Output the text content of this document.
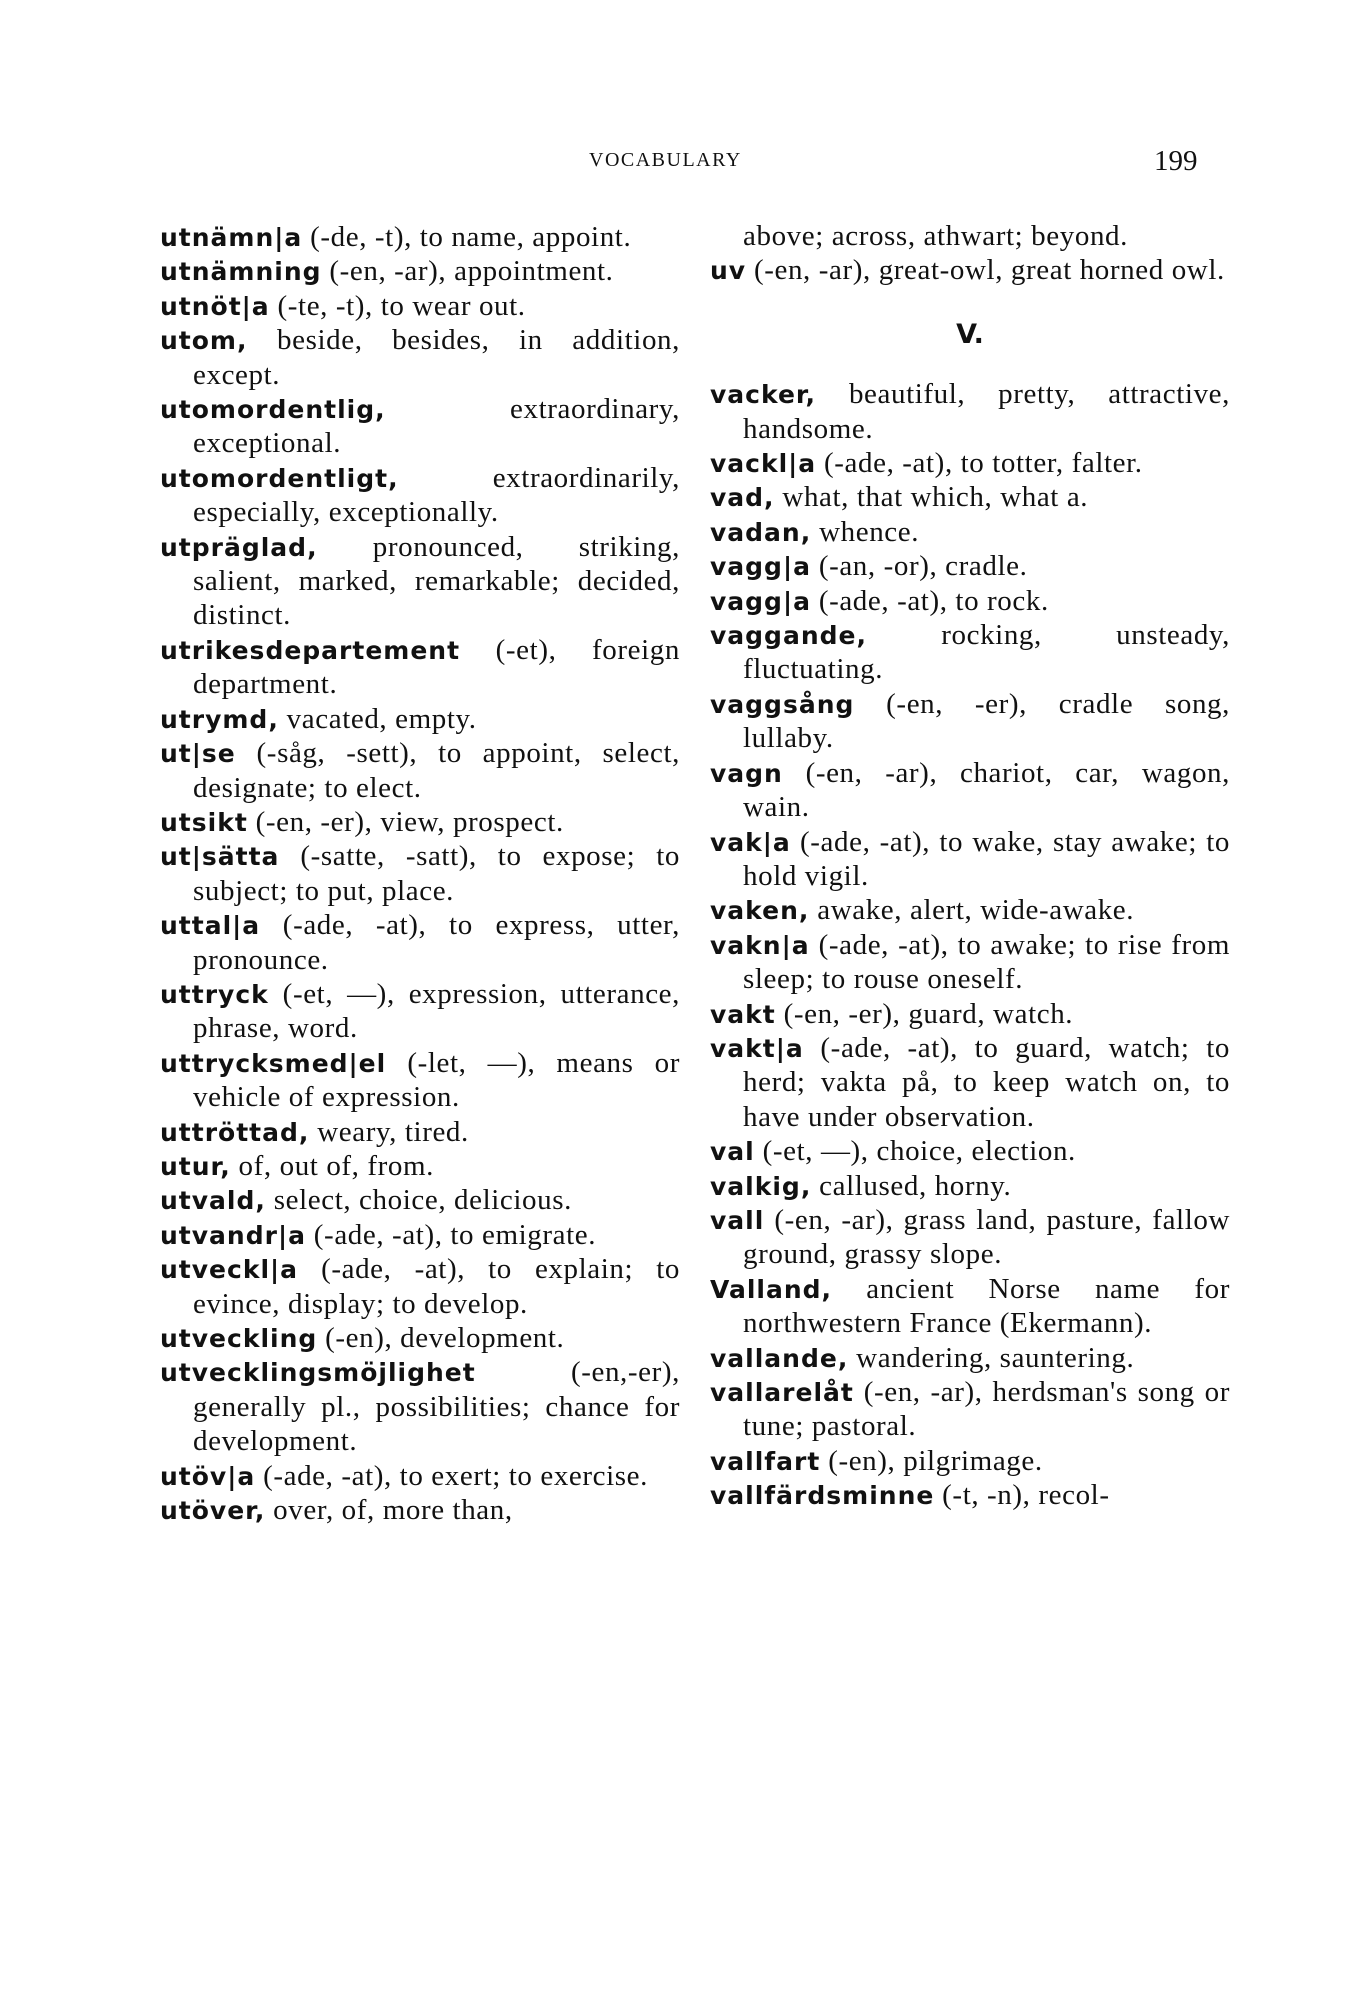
VOCABULARY	199

utnämn|a (-de, -t), to name, appoint.

utnämning (-en, -ar), appointment.

utnöt|a (-te, -t), to wear out.

utom, beside, besides, in addition, except.

utomordentlig, extraordinary, exceptional.

utomordentligt, extraordinarily, especially, exceptionally.

utpräglad, pronounced, striking, salient, marked, remarkable; decided, distinct.

utrikesdepartement (-et), foreign department.

utrymd, vacated, empty.

ut|se (-såg, -sett), to appoint, select, designate; to elect.

utsikt (-en, -er), view, prospect.

ut|sätta (-satte, -satt), to expose; to subject; to put, place.

uttal|a (-ade, -at), to express, utter, pronounce.

uttryck (-et, —), expression, utterance, phrase, word.

uttrycksmed|el (-let, —), means or vehicle of expression.

uttröttad, weary, tired.

utur, of, out of, from.

utvald, select, choice, delicious.

utvandr|a (-ade, -at), to emigrate.

utveckl|a (-ade, -at), to explain; to evince, display; to develop.

utveckling (-en), development.

utvecklingsmöjlighet (-en,-er), generally pl., possibilities; chance for development.

utöv|a (-ade, -at), to exert; to exercise.

utöver, over, of, more than,

above; across, athwart; beyond.

uv (-en, -ar), great-owl, great horned owl.

V.

vacker, beautiful, pretty, attractive, handsome.

vackl|a (-ade, -at), to totter, falter.

vad, what, that which, what a.

vadan, whence.

vagg|a (-an, -or), cradle.

vagg|a (-ade, -at), to rock.

vaggande, rocking, unsteady, fluctuating.

vaggsång (-en, -er), cradle song, lullaby.

vagn (-en, -ar), chariot, car, wagon, wain.

vak|a (-ade, -at), to wake, stay awake; to hold vigil.

vaken, awake, alert, wide-awake.

vakn|a (-ade, -at), to awake; to rise from sleep; to rouse oneself.

vakt (-en, -er), guard, watch.

vakt|a (-ade, -at), to guard, watch; to herd; vakta på, to keep watch on, to have under observation.

val (-et, —), choice, election.

valkig, callused, horny.

vall (-en, -ar), grass land, pasture, fallow ground, grassy slope.

Valland, ancient Norse name for northwestern France (Ekermann).

vallande, wandering, sauntering.

vallarelåt (-en, -ar), herdsman's song or tune; pastoral.

vallfart (-en), pilgrimage.

vallfärdsminne (-t, -n), recol-
